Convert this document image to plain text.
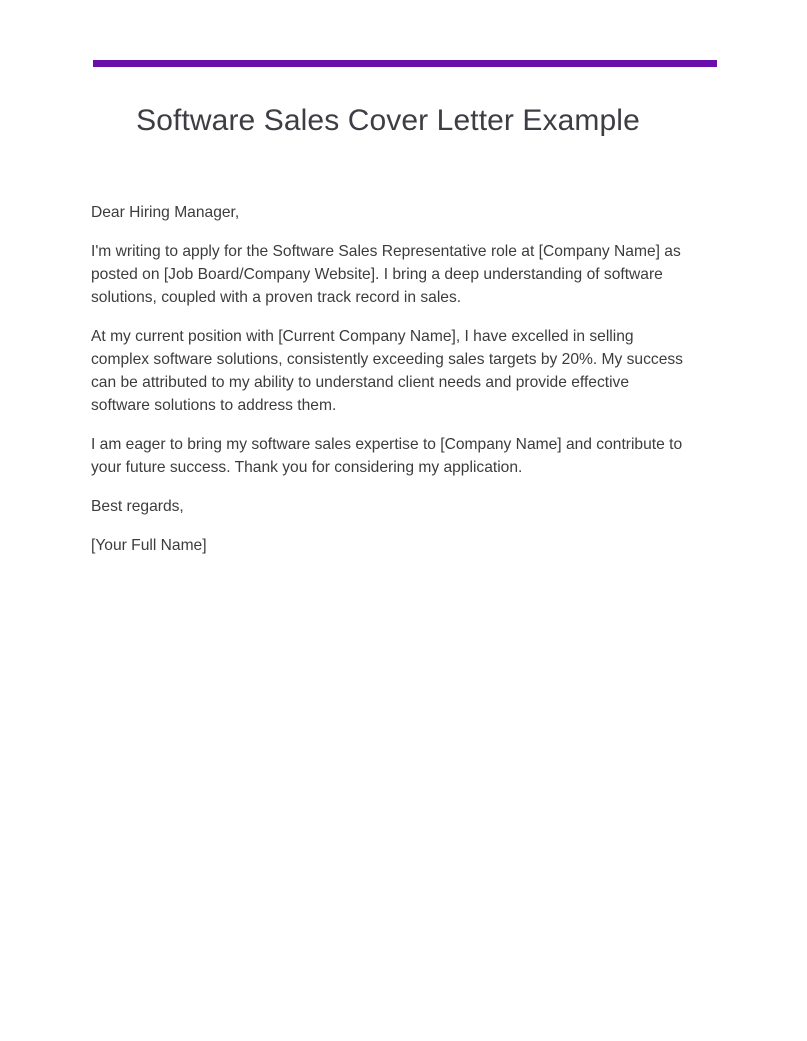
Software Sales Cover Letter Example

Dear Hiring Manager,

I'm writing to apply for the Software Sales Representative role at [Company Name] as posted on [Job Board/Company Website]. I bring a deep understanding of software solutions, coupled with a proven track record in sales.

At my current position with [Current Company Name], I have excelled in selling complex software solutions, consistently exceeding sales targets by 20%. My success can be attributed to my ability to understand client needs and provide effective software solutions to address them.

I am eager to bring my software sales expertise to [Company Name] and contribute to your future success. Thank you for considering my application.

Best regards,

[Your Full Name]
